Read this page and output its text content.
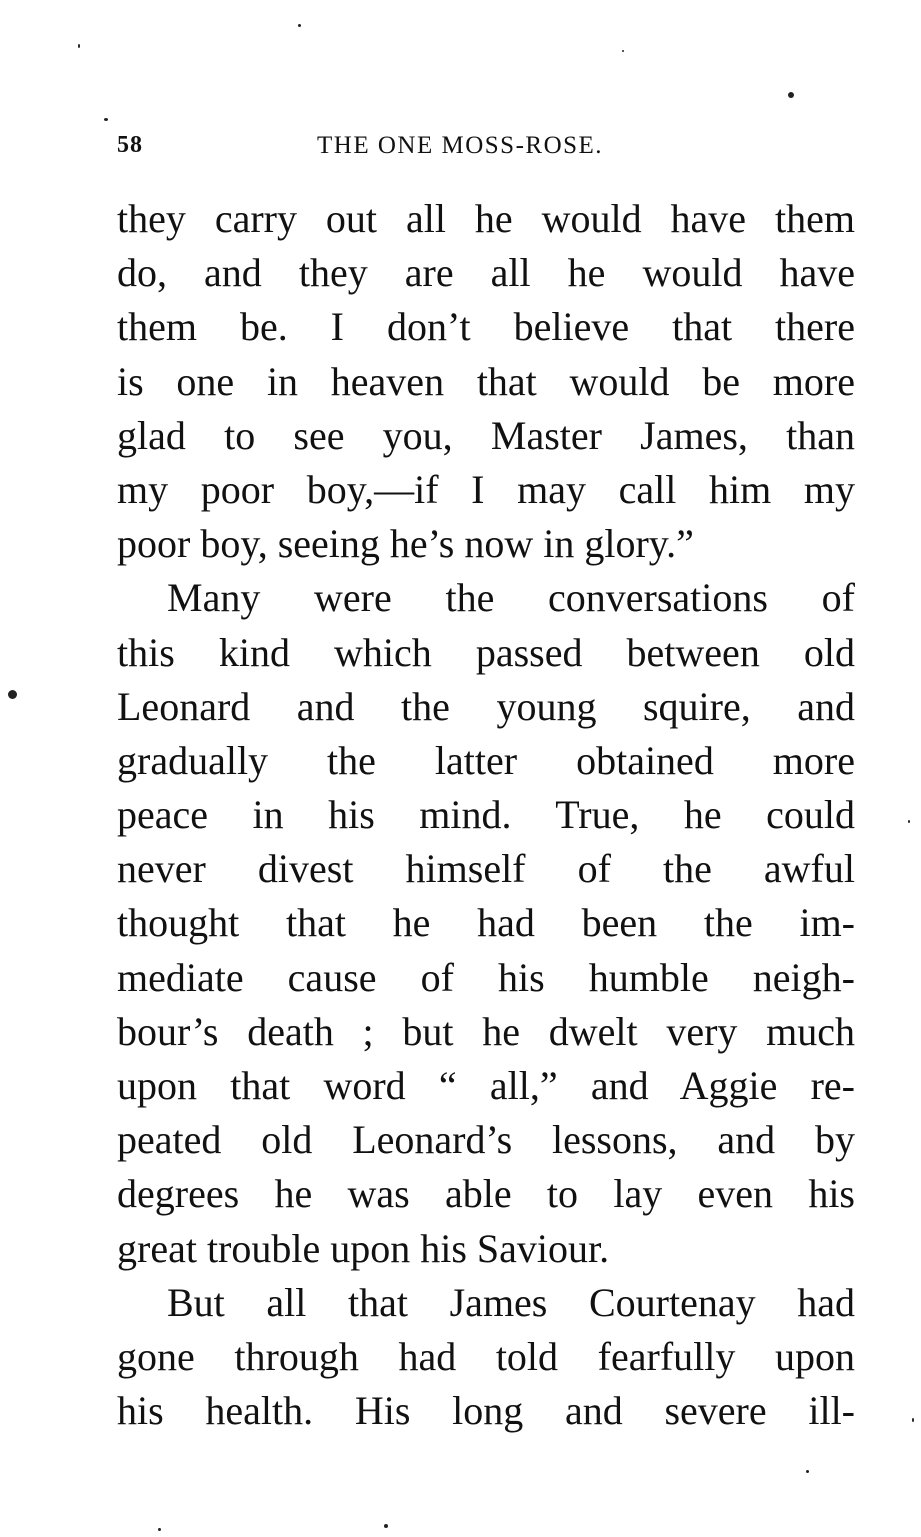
58	THE ONE MOSS-ROSE.
they carry out all he would have them
do, and they are all he would have
them be. I don’t believe that there
is one in heaven that would be more
glad to see you, Master James, than
my poor boy,—if I may call him my
poor boy, seeing he’s now in glory.”
Many were the conversations of
this kind which passed between old
Leonard and the young squire, and
gradually the latter obtained more
peace in his mind. True, he could
never divest himself of the awful
thought that he had been the im-
mediate cause of his humble neigh-
bour’s death ; but he dwelt very much
upon that word “ all,” and Aggie re-
peated old Leonard’s lessons, and by
degrees he was able to lay even his
great trouble upon his Saviour.
But all that James Courtenay had
gone through had told fearfully upon
his health. His long and severe ill-
